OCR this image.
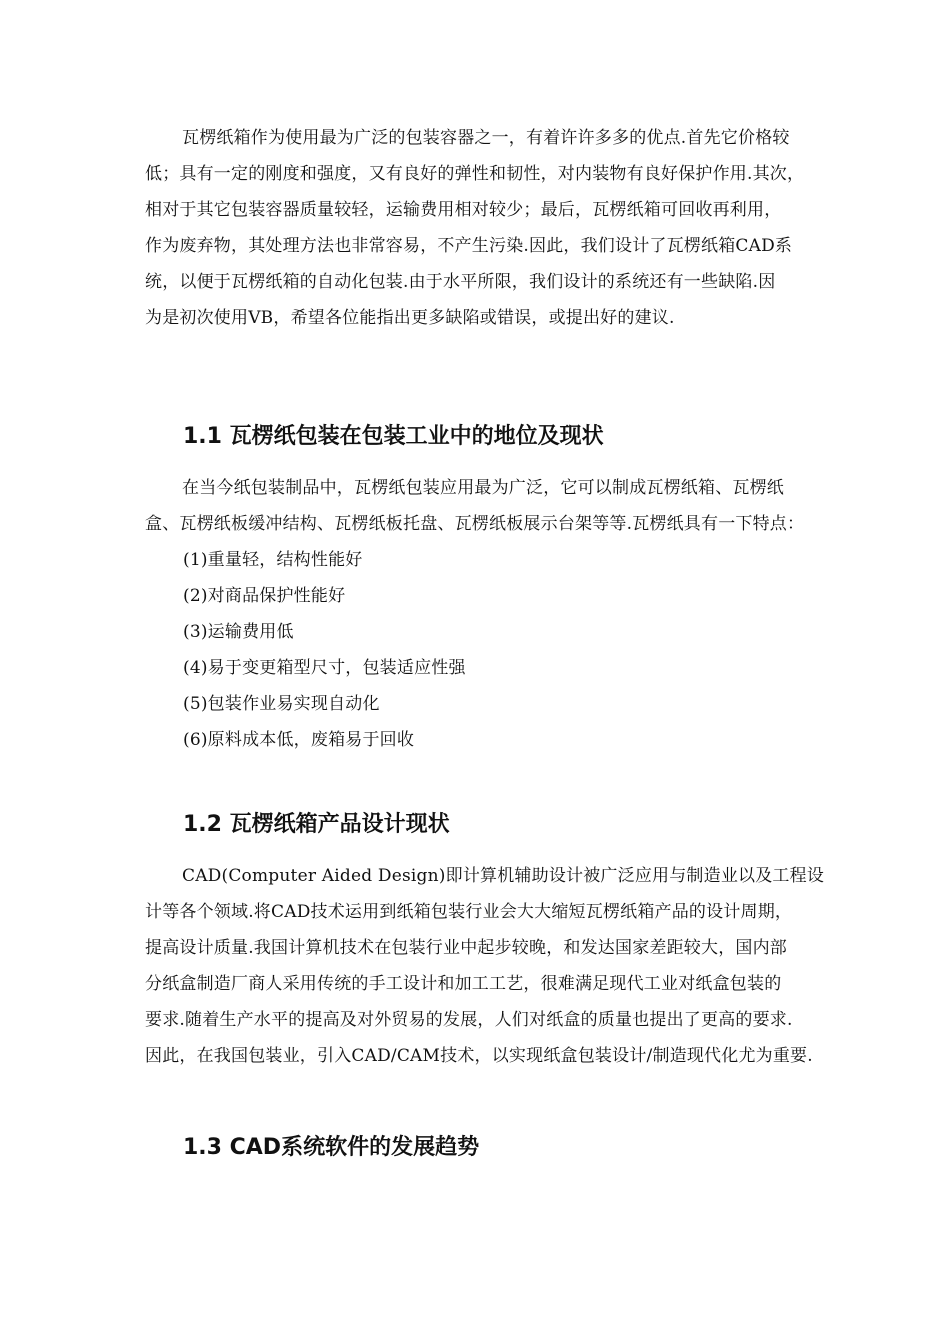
瓦楞纸箱作为使用最为广泛的包装容器之一，有着许许多多的优点.首先它价格较
低；具有一定的刚度和强度，又有良好的弹性和韧性，对内装物有良好保护作用.其次，
相对于其它包装容器质量较轻，运输费用相对较少；最后，瓦楞纸箱可回收再利用，
作为废弃物，其处理方法也非常容易，不产生污染.因此，我们设计了瓦楞纸箱CAD系
统，以便于瓦楞纸箱的自动化包装.由于水平所限，我们设计的系统还有一些缺陷.因
为是初次使用VB，希望各位能指出更多缺陷或错误，或提出好的建议.
1.1 瓦楞纸包装在包装工业中的地位及现状
在当今纸包装制品中，瓦楞纸包装应用最为广泛，它可以制成瓦楞纸箱、瓦楞纸
盒、瓦楞纸板缓冲结构、瓦楞纸板托盘、瓦楞纸板展示台架等等.瓦楞纸具有一下特点：
(1)重量轻，结构性能好
(2)对商品保护性能好
(3)运输费用低
(4)易于变更箱型尺寸，包装适应性强
(5)包装作业易实现自动化
(6)原料成本低，废箱易于回收
1.2 瓦楞纸箱产品设计现状
CAD(Computer Aided Design)即计算机辅助设计被广泛应用与制造业以及工程设
计等各个领域.将CAD技术运用到纸箱包装行业会大大缩短瓦楞纸箱产品的设计周期，
提高设计质量.我国计算机技术在包装行业中起步较晚，和发达国家差距较大，国内部
分纸盒制造厂商人采用传统的手工设计和加工工艺，很难满足现代工业对纸盒包装的
要求.随着生产水平的提高及对外贸易的发展，人们对纸盒的质量也提出了更高的要求.
因此，在我国包装业，引入CAD/CAM技术，以实现纸盒包装设计/制造现代化尤为重要.
1.3 CAD系统软件的发展趋势
